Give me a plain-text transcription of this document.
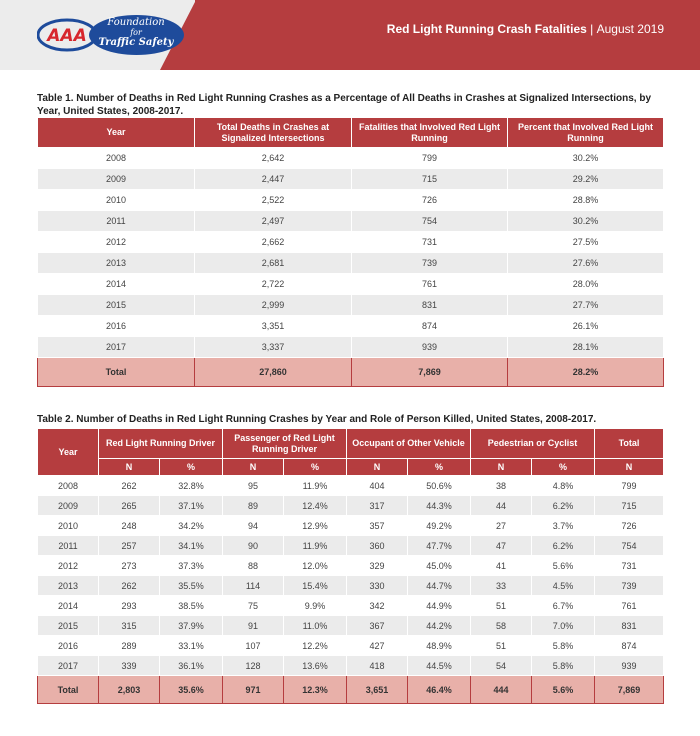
AAA
Foundation
for
Traffic Safety
Red Light Running Crash Fatalities | August 2019
Table 1. Number of Deaths in Red Light Running Crashes as a Percentage of All Deaths in Crashes at Signalized Intersections, by Year, United States, 2008-2017.
Year	Total Deaths in Crashes at Signalized Intersections	Fatalities that Involved Red Light Running	Percent that Involved Red Light Running
2008	2,642	799	30.2%
2009	2,447	715	29.2%
2010	2,522	726	28.8%
2011	2,497	754	30.2%
2012	2,662	731	27.5%
2013	2,681	739	27.6%
2014	2,722	761	28.0%
2015	2,999	831	27.7%
2016	3,351	874	26.1%
2017	3,337	939	28.1%
Total	27,860	7,869	28.2%
Table 2. Number of Deaths in Red Light Running Crashes by Year and Role of Person Killed, United States, 2008-2017.
Year	Red Light Running Driver		Passenger of Red Light Running Driver		Occupant of Other Vehicle		Pedestrian or Cyclist		Total
	N	%	N	%	N	%	N	%	N
2008	262	32.8%	95	11.9%	404	50.6%	38	4.8%	799
2009	265	37.1%	89	12.4%	317	44.3%	44	6.2%	715
2010	248	34.2%	94	12.9%	357	49.2%	27	3.7%	726
2011	257	34.1%	90	11.9%	360	47.7%	47	6.2%	754
2012	273	37.3%	88	12.0%	329	45.0%	41	5.6%	731
2013	262	35.5%	114	15.4%	330	44.7%	33	4.5%	739
2014	293	38.5%	75	9.9%	342	44.9%	51	6.7%	761
2015	315	37.9%	91	11.0%	367	44.2%	58	7.0%	831
2016	289	33.1%	107	12.2%	427	48.9%	51	5.8%	874
2017	339	36.1%	128	13.6%	418	44.5%	54	5.8%	939
Total	2,803	35.6%	971	12.3%	3,651	46.4%	444	5.6%	7,869
